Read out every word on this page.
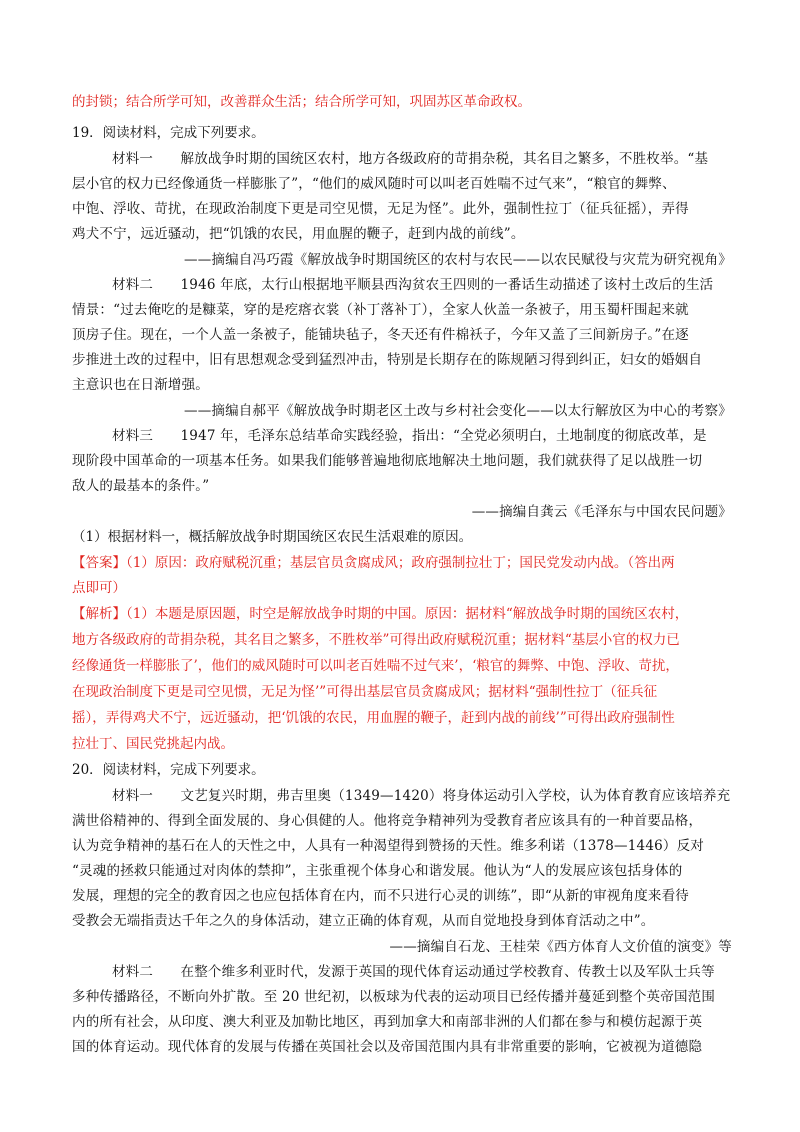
的封锁；结合所学可知，改善群众生活；结合所学可知，巩固苏区革命政权。
19．阅读材料，完成下列要求。
材料一　　解放战争时期的国统区农村，地方各级政府的苛捐杂税，其名目之繁多，不胜枚举。“基
层小官的权力已经像通货一样膨胀了”，“他们的威风随时可以叫老百姓喘不过气来”，“粮官的舞弊、
中饱、浮收、苛扰，在现政治制度下更是司空见惯，无足为怪”。此外，强制性拉丁（征兵征摇），弄得
鸡犬不宁，远近骚动，把“饥饿的农民，用血腥的鞭子，赶到内战的前线”。
——摘编自冯巧霞《解放战争时期国统区的农村与农民——以农民赋役与灾荒为研究视角》
材料二　　1946 年底，太行山根据地平顺县西沟贫农王四则的一番话生动描述了该村土改后的生活
情景：“过去俺吃的是糠菜，穿的是疙瘩衣裳（补丁落补丁），全家人伙盖一条被子，用玉蜀杆围起来就
顶房子住。现在，一个人盖一条被子，能铺块毡子，冬天还有件棉袄子，今年又盖了三间新房子。”在逐
步推进土改的过程中，旧有思想观念受到猛烈冲击，特别是长期存在的陈规陋习得到纠正，妇女的婚姻自
主意识也在日渐增强。
——摘编自郝平《解放战争时期老区土改与乡村社会变化——以太行解放区为中心的考察》
材料三　　1947 年，毛泽东总结革命实践经验，指出：“全党必须明白，土地制度的彻底改革，是
现阶段中国革命的一项基本任务。如果我们能够普遍地彻底地解决土地问题，我们就获得了足以战胜一切
敌人的最基本的条件。”
——摘编自龚云《毛泽东与中国农民问题》
（1）根据材料一，概括解放战争时期国统区农民生活艰难的原因。
【答案】（1）原因：政府赋税沉重；基层官员贪腐成风；政府强制拉壮丁；国民党发动内战。（答出两
点即可）
【解析】（1）本题是原因题，时空是解放战争时期的中国。原因：据材料“解放战争时期的国统区农村，
地方各级政府的苛捐杂税，其名目之繁多，不胜枚举”可得出政府赋税沉重；据材料“基层小官的权力已
经像通货一样膨胀了’，他们的威风随时可以叫老百姓喘不过气来’，‘粮官的舞弊、中饱、浮收、苛扰，
在现政治制度下更是司空见惯，无足为怪’”可得出基层官员贪腐成风；据材料“强制性拉丁（征兵征
摇），弄得鸡犬不宁，远近骚动，把‘饥饿的农民，用血腥的鞭子，赶到内战的前线’”可得出政府强制性
拉壮丁、国民党挑起内战。
20．阅读材料，完成下列要求。
材料一　　文艺复兴时期，弗吉里奥（1349—1420）将身体运动引入学校，认为体育教育应该培养充
满世俗精神的、得到全面发展的、身心俱健的人。他将竞争精神列为受教育者应该具有的一种首要品格，
认为竞争精神的基石在人的天性之中，人具有一种渴望得到赞扬的天性。维多利诺（1378—1446）反对
“灵魂的拯救只能通过对肉体的禁抑”，主张重视个体身心和谐发展。他认为“人的发展应该包括身体的
发展，理想的完全的教育因之也应包括体育在内，而不只进行心灵的训练”，即“从新的审视角度来看待
受教会无端指责达千年之久的身体活动，建立正确的体育观，从而自觉地投身到体育活动之中”。
——摘编自石龙、王桂荣《西方体育人文价值的演变》等
材料二　　在整个维多利亚时代，发源于英国的现代体育运动通过学校教育、传教士以及军队士兵等
多种传播路径，不断向外扩散。至 20 世纪初，以板球为代表的运动项目已经传播并蔓延到整个英帝国范围
内的所有社会，从印度、澳大利亚及加勒比地区，再到加拿大和南部非洲的人们都在参与和模仿起源于英
国的体育运动。现代体育的发展与传播在英国社会以及帝国范围内具有非常重要的影响，它被视为道德隐
